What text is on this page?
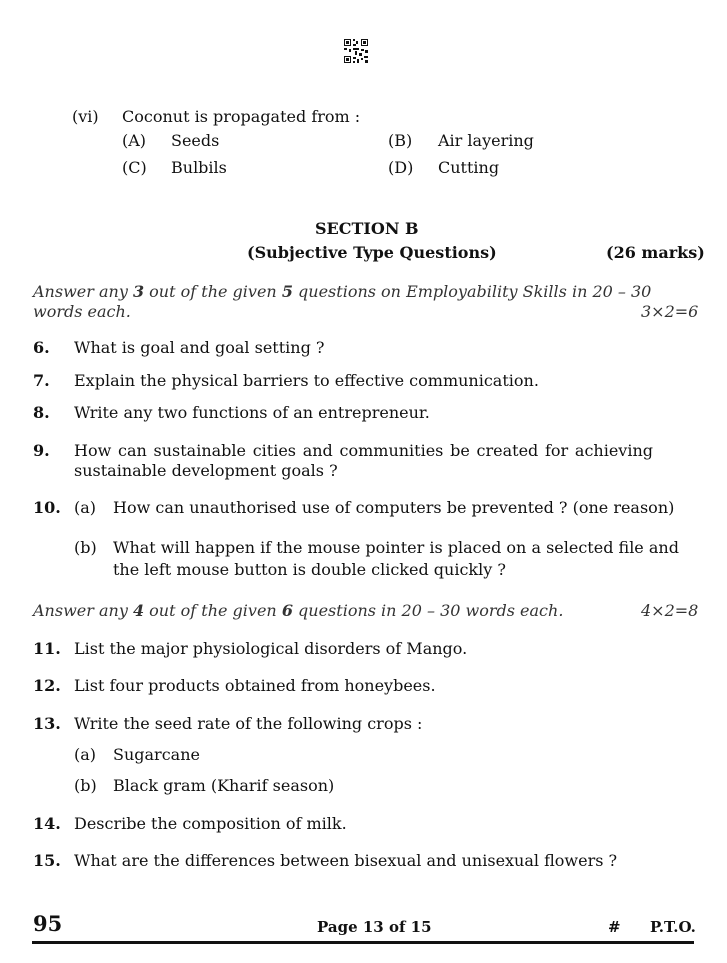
(vi) Coconut is propagated from :
(A) Seeds	(B) Air layering
(C) Bulbils	(D) Cutting
SECTION B
(Subjective Type Questions)	(26 marks)
Answer any 3 out of the given 5 questions on Employability Skills in 20 – 30
words each.	3×2=6
6. What is goal and goal setting ?
7. Explain the physical barriers to effective communication.
8. Write any two functions of an entrepreneur.
9. How can sustainable cities and communities be created for achieving
sustainable development goals ?
10. (a) How can unauthorised use of computers be prevented ? (one reason)
(b) What will happen if the mouse pointer is placed on a selected file and
the left mouse button is double clicked quickly ?
Answer any 4 out of the given 6 questions in 20 – 30 words each.	4×2=8
11. List the major physiological disorders of Mango.
12. List four products obtained from honeybees.
13. Write the seed rate of the following crops :
(a) Sugarcane
(b) Black gram (Kharif season)
14. Describe the composition of milk.
15. What are the differences between bisexual and unisexual flowers ?
95	Page 13 of 15	# P.T.O.
